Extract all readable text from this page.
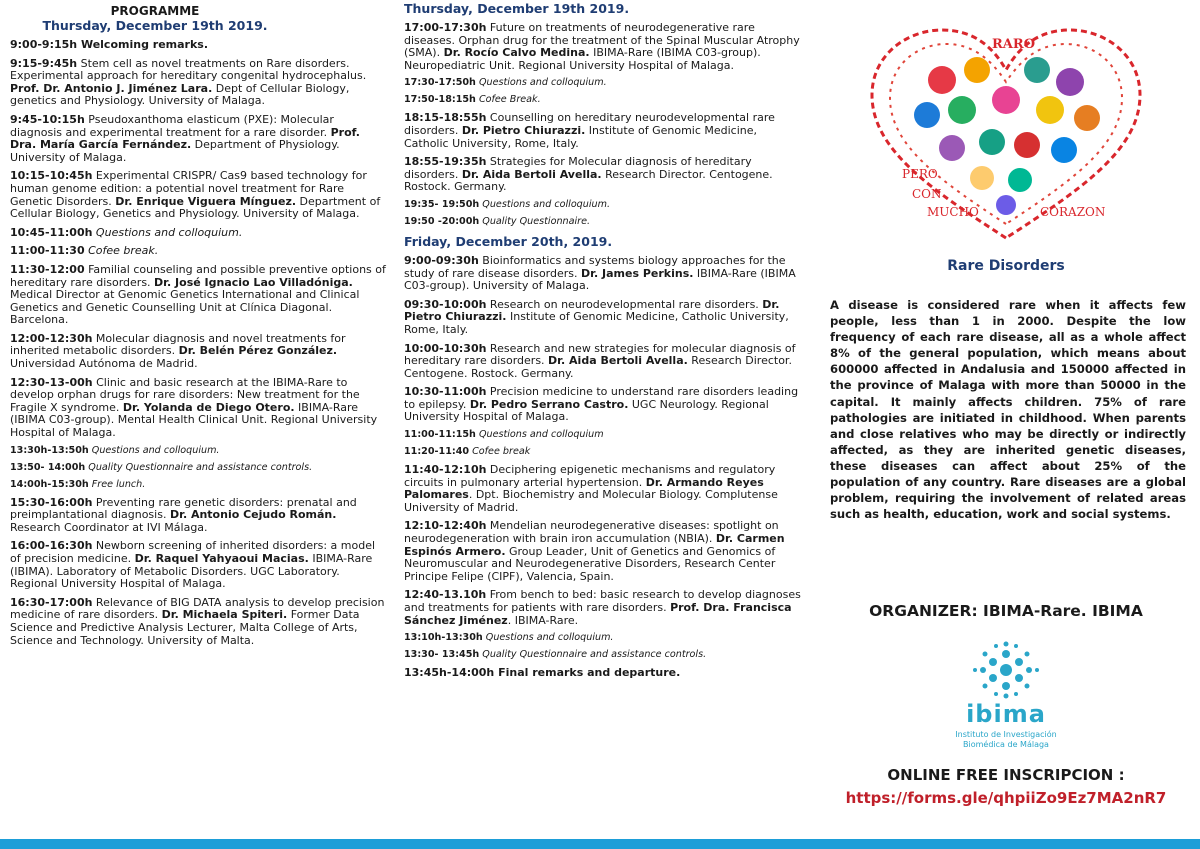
PROGRAMME
Thursday, December 19th 2019.
9:00-9:15h Welcoming remarks.
9:15-9:45h Stem cell as novel treatments on Rare disorders. Experimental approach for hereditary congenital hydrocephalus. Prof. Dr. Antonio J. Jiménez Lara. Dept of Cellular Biology, genetics and Physiology. University of Malaga.
9:45-10:15h Pseudoxanthoma elasticum (PXE): Molecular diagnosis and experimental treatment for a rare disorder. Prof. Dra. María García Fernández. Department of Physiology. University of Malaga.
10:15-10:45h Experimental CRISPR/ Cas9 based technology for human genome edition: a potential novel treatment for Rare Genetic Disorders. Dr. Enrique Viguera Mínguez. Department of Cellular Biology, Genetics and Physiology. University of Malaga.
10:45-11:00h Questions and colloquium.
11:00-11:30 Cofee break.
11:30-12:00 Familial counseling and possible preventive options of hereditary rare disorders. Dr. José Ignacio Lao Villadóniga. Medical Director at Genomic Genetics International and Clinical Genetics and Genetic Counselling Unit at Clínica Diagonal. Barcelona.
12:00-12:30h Molecular diagnosis and novel treatments for inherited metabolic disorders. Dr. Belén Pérez González. Universidad Autónoma de Madrid.
12:30-13-00h Clinic and basic research at the IBIMA-Rare to develop orphan drugs for rare disorders: New treatment for the Fragile X syndrome. Dr. Yolanda de Diego Otero. IBIMA-Rare (IBIMA C03-group). Mental Health Clinical Unit. Regional University Hospital of Malaga.
13:30h-13:50h Questions and colloquium.
13:50- 14:00h Quality Questionnaire and assistance controls.
14:00h-15:30h Free lunch.
15:30-16:00h Preventing rare genetic disorders: prenatal and preimplantational diagnosis. Dr. Antonio Cejudo Román. Research Coordinator at IVI Málaga.
16:00-16:30h Newborn screening of inherited disorders: a model of precision medicine. Dr. Raquel Yahyaoui Macias. IBIMA-Rare (IBIMA). Laboratory of Metabolic Disorders. UGC Laboratory. Regional University Hospital of Malaga.
16:30-17:00h Relevance of BIG DATA analysis to develop precision medicine of rare disorders. Dr. Michaela Spiteri. Former Data Science and Predictive Analysis Lecturer, Malta College of Arts, Science and Technology. University of Malta.
Thursday, December 19th 2019.
17:00-17:30h Future on treatments of neurodegenerative rare diseases. Orphan drug for the treatment of the Spinal Muscular Atrophy (SMA). Dr. Rocío Calvo Medina. IBIMA-Rare (IBIMA C03-group). Neuropediatric Unit. Regional University Hospital of Malaga.
17:30-17:50h Questions and colloquium.
17:50-18:15h Cofee Break.
18:15-18:55h Counselling on hereditary neurodevelopmental rare disorders. Dr. Pietro Chiurazzi. Institute of Genomic Medicine, Catholic University, Rome, Italy.
18:55-19:35h Strategies for Molecular diagnosis of hereditary disorders. Dr. Aida Bertoli Avella. Research Director. Centogene. Rostock. Germany.
19:35- 19:50h Questions and colloquium.
19:50 -20:00h Quality Questionnaire.
Friday, December 20th, 2019.
9:00-09:30h Bioinformatics and systems biology approaches for the study of rare disease disorders. Dr. James Perkins. IBIMA-Rare (IBIMA C03-group). University of Malaga.
09:30-10:00h Research on neurodevelopmental rare disorders. Dr. Pietro Chiurazzi. Institute of Genomic Medicine, Catholic University, Rome, Italy.
10:00-10:30h Research and new strategies for molecular diagnosis of hereditary rare disorders. Dr. Aida Bertoli Avella. Research Director. Centogene. Rostock. Germany.
10:30-11:00h Precision medicine to understand rare disorders leading to epilepsy. Dr. Pedro Serrano Castro. UGC Neurology. Regional University Hospital of Malaga.
11:00-11:15h Questions and colloquium
11:20-11:40 Cofee break
11:40-12:10h Deciphering epigenetic mechanisms and regulatory circuits in pulmonary arterial hypertension. Dr. Armando Reyes Palomares. Dpt. Biochemistry and Molecular Biology. Complutense University of Madrid.
12:10-12:40h Mendelian neurodegenerative diseases: spotlight on neurodegeneration with brain iron accumulation (NBIA). Dr. Carmen Espinós Armero. Group Leader, Unit of Genetics and Genomics of Neuromuscular and Neurodegenerative Disorders, Research Center Principe Felipe (CIPF), Valencia, Spain.
12:40-13.10h From bench to bed: basic research to develop diagnoses and treatments for patients with rare disorders. Prof. Dra. Francisca Sánchez Jiménez. IBIMA-Rare.
13:10h-13:30h Questions and colloquium.
13:30- 13:45h Quality Questionnaire and assistance controls.
13:45h-14:00h Final remarks and departure.
RARO
PERO
CON
MUCHO	CORAZON
Rare Disorders
A disease is considered rare when it affects few people, less than 1 in 2000. Despite the low frequency of each rare disease, all as a whole affect 8% of the general population, which means about 600000 affected in Andalusia and 150000 affected in the province of Malaga with more than 50000 in the capital. It mainly affects children. 75% of rare pathologies are initiated in childhood. When parents and close relatives who may be directly or indirectly affected, as they are inherited genetic diseases, these diseases can affect about 25% of the population of any country. Rare diseases are a global problem, requiring the involvement of related areas such as health, education, work and social systems.
ORGANIZER: IBIMA-Rare. IBIMA
ibima
Instituto de Investigación
Biomédica de Málaga
ONLINE FREE INSCRIPCION :
https://forms.gle/qhpiiZo9Ez7MA2nR7
